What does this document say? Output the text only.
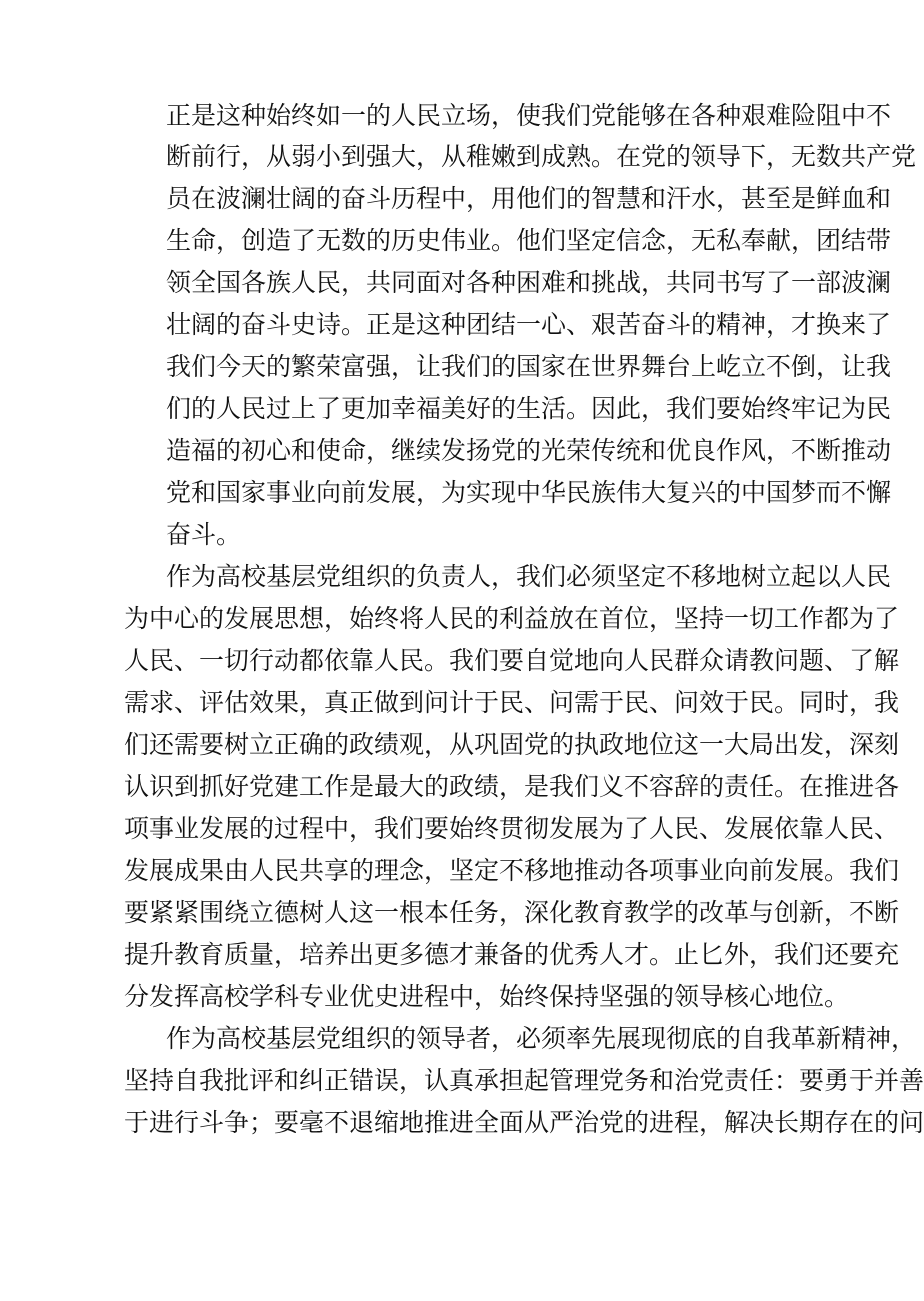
正是这种始终如一的人民立场，使我们党能够在各种艰难险阻中不
断前行，从弱小到强大，从稚嫩到成熟。在党的领导下，无数共产党
员在波澜壮阔的奋斗历程中，用他们的智慧和汗水，甚至是鲜血和
生命，创造了无数的历史伟业。他们坚定信念，无私奉献，团结带
领全国各族人民，共同面对各种困难和挑战，共同书写了一部波澜
壮阔的奋斗史诗。正是这种团结一心、艰苦奋斗的精神，才换来了
我们今天的繁荣富强，让我们的国家在世界舞台上屹立不倒，让我
们的人民过上了更加幸福美好的生活。因此，我们要始终牢记为民
造福的初心和使命，继续发扬党的光荣传统和优良作风，不断推动
党和国家事业向前发展，为实现中华民族伟大复兴的中国梦而不懈
奋斗。
作为高校基层党组织的负责人，我们必须坚定不移地树立起以人民
为中心的发展思想，始终将人民的利益放在首位，坚持一切工作都为了
人民、一切行动都依靠人民。我们要自觉地向人民群众请教问题、了解
需求、评估效果，真正做到问计于民、问需于民、问效于民。同时，我
们还需要树立正确的政绩观，从巩固党的执政地位这一大局出发，深刻
认识到抓好党建工作是最大的政绩，是我们义不容辞的责任。在推进各
项事业发展的过程中，我们要始终贯彻发展为了人民、发展依靠人民、
发展成果由人民共享的理念，坚定不移地推动各项事业向前发展。我们
要紧紧围绕立德树人这一根本任务，深化教育教学的改革与创新，不断
提升教育质量，培养出更多德才兼备的优秀人才。止匕外，我们还要充
分发挥高校学科专业优史进程中，始终保持坚强的领导核心地位。
作为高校基层党组织的领导者，必须率先展现彻底的自我革新精神，
坚持自我批评和纠正错误，认真承担起管理党务和治党责任：要勇于并善
于进行斗争；要毫不退缩地推进全面从严治党的进程，解决长期存在的问
